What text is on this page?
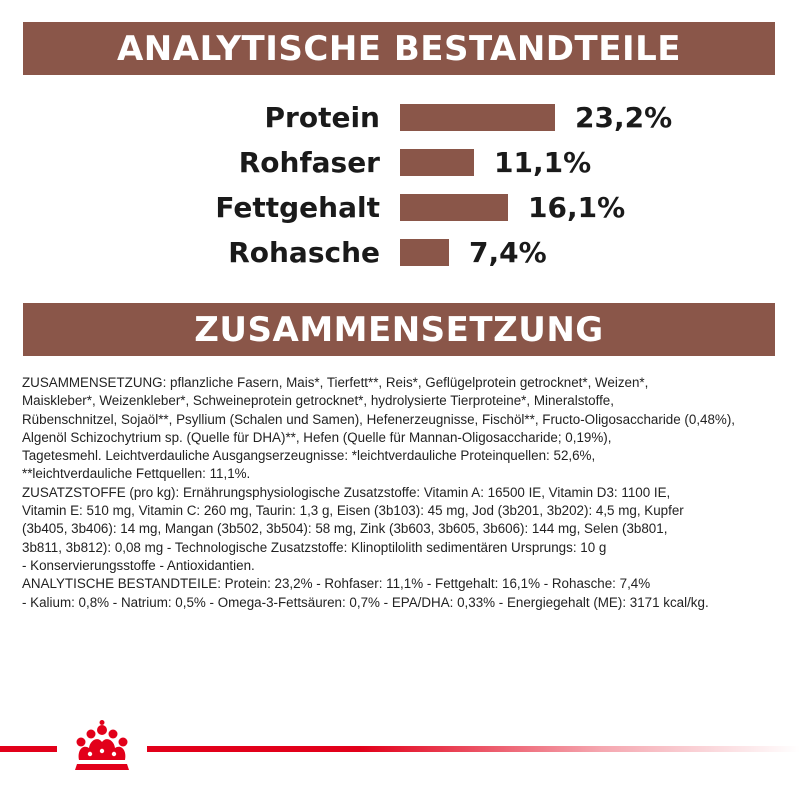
ANALYTISCHE BESTANDTEILE
Protein	23,2%
Rohfaser	11,1%
Fettgehalt	16,1%
Rohasche	7,4%
ZUSAMMENSETZUNG

ZUSAMMENSETZUNG: pflanzliche Fasern, Mais*, Tierfett**, Reis*, Geflügelprotein getrocknet*, Weizen*,

Maiskleber*, Weizenkleber*, Schweineprotein getrocknet*, hydrolysierte Tierproteine*, Mineralstoffe,

Rübenschnitzel, Sojaöl**, Psyllium (Schalen und Samen), Hefenerzeugnisse, Fischöl**, Fructo-Oligosaccharide (0,48%),

Algenöl Schizochytrium sp. (Quelle für DHA)**, Hefen (Quelle für Mannan-Oligosaccharide; 0,19%),

Tagetesmehl. Leichtverdauliche Ausgangserzeugnisse: *leichtverdauliche Proteinquellen: 52,6%,

**leichtverdauliche Fettquellen: 11,1%.

ZUSATZSTOFFE (pro kg): Ernährungsphysiologische Zusatzstoffe: Vitamin A: 16500 IE, Vitamin D3: 1100 IE,

Vitamin E: 510 mg, Vitamin C: 260 mg, Taurin: 1,3 g, Eisen (3b103): 45 mg, Jod (3b201, 3b202): 4,5 mg, Kupfer

(3b405, 3b406): 14 mg, Mangan (3b502, 3b504): 58 mg, Zink (3b603, 3b605, 3b606): 144 mg, Selen (3b801,

3b811, 3b812): 0,08 mg - Technologische Zusatzstoffe: Klinoptilolith sedimentären Ursprungs: 10 g

- Konservierungsstoffe - Antioxidantien.

ANALYTISCHE BESTANDTEILE: Protein: 23,2% - Rohfaser: 11,1% - Fettgehalt: 16,1% - Rohasche: 7,4%

- Kalium: 0,8% - Natrium: 0,5% - Omega-3-Fettsäuren: 0,7% - EPA/DHA: 0,33% - Energiegehalt (ME): 3171 kcal/kg.
